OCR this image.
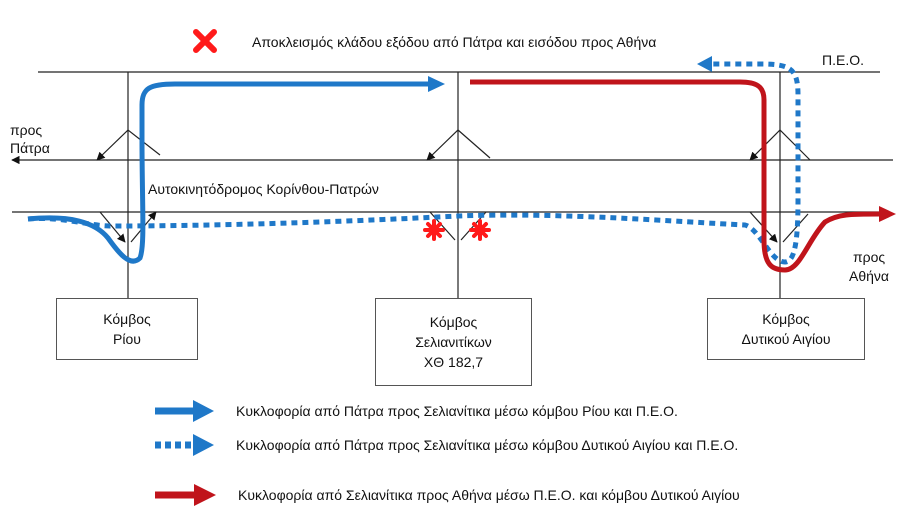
Αποκλεισμός κλάδου εξόδου από Πάτρα και εισόδου προς Αθήνα
Π.Ε.Ο.
προς
Πάτρα
Αυτοκινητόδρομος Κορίνθου-Πατρών
προς
Αθήνα
Κόμβος
Ρίου
Κόμβος
Σελιανιτίκων
ΧΘ 182,7
Κόμβος
Δυτικού Αιγίου
Κυκλοφορία από Πάτρα προς Σελιανίτικα μέσω κόμβου Ρίου και Π.Ε.Ο.
Κυκλοφορία από Πάτρα προς Σελιανίτικα μέσω κόμβου Δυτικού Αιγίου και Π.Ε.Ο.
Κυκλοφορία από Σελιανίτικα προς Αθήνα μέσω Π.Ε.Ο. και κόμβου Δυτικού Αιγίου
